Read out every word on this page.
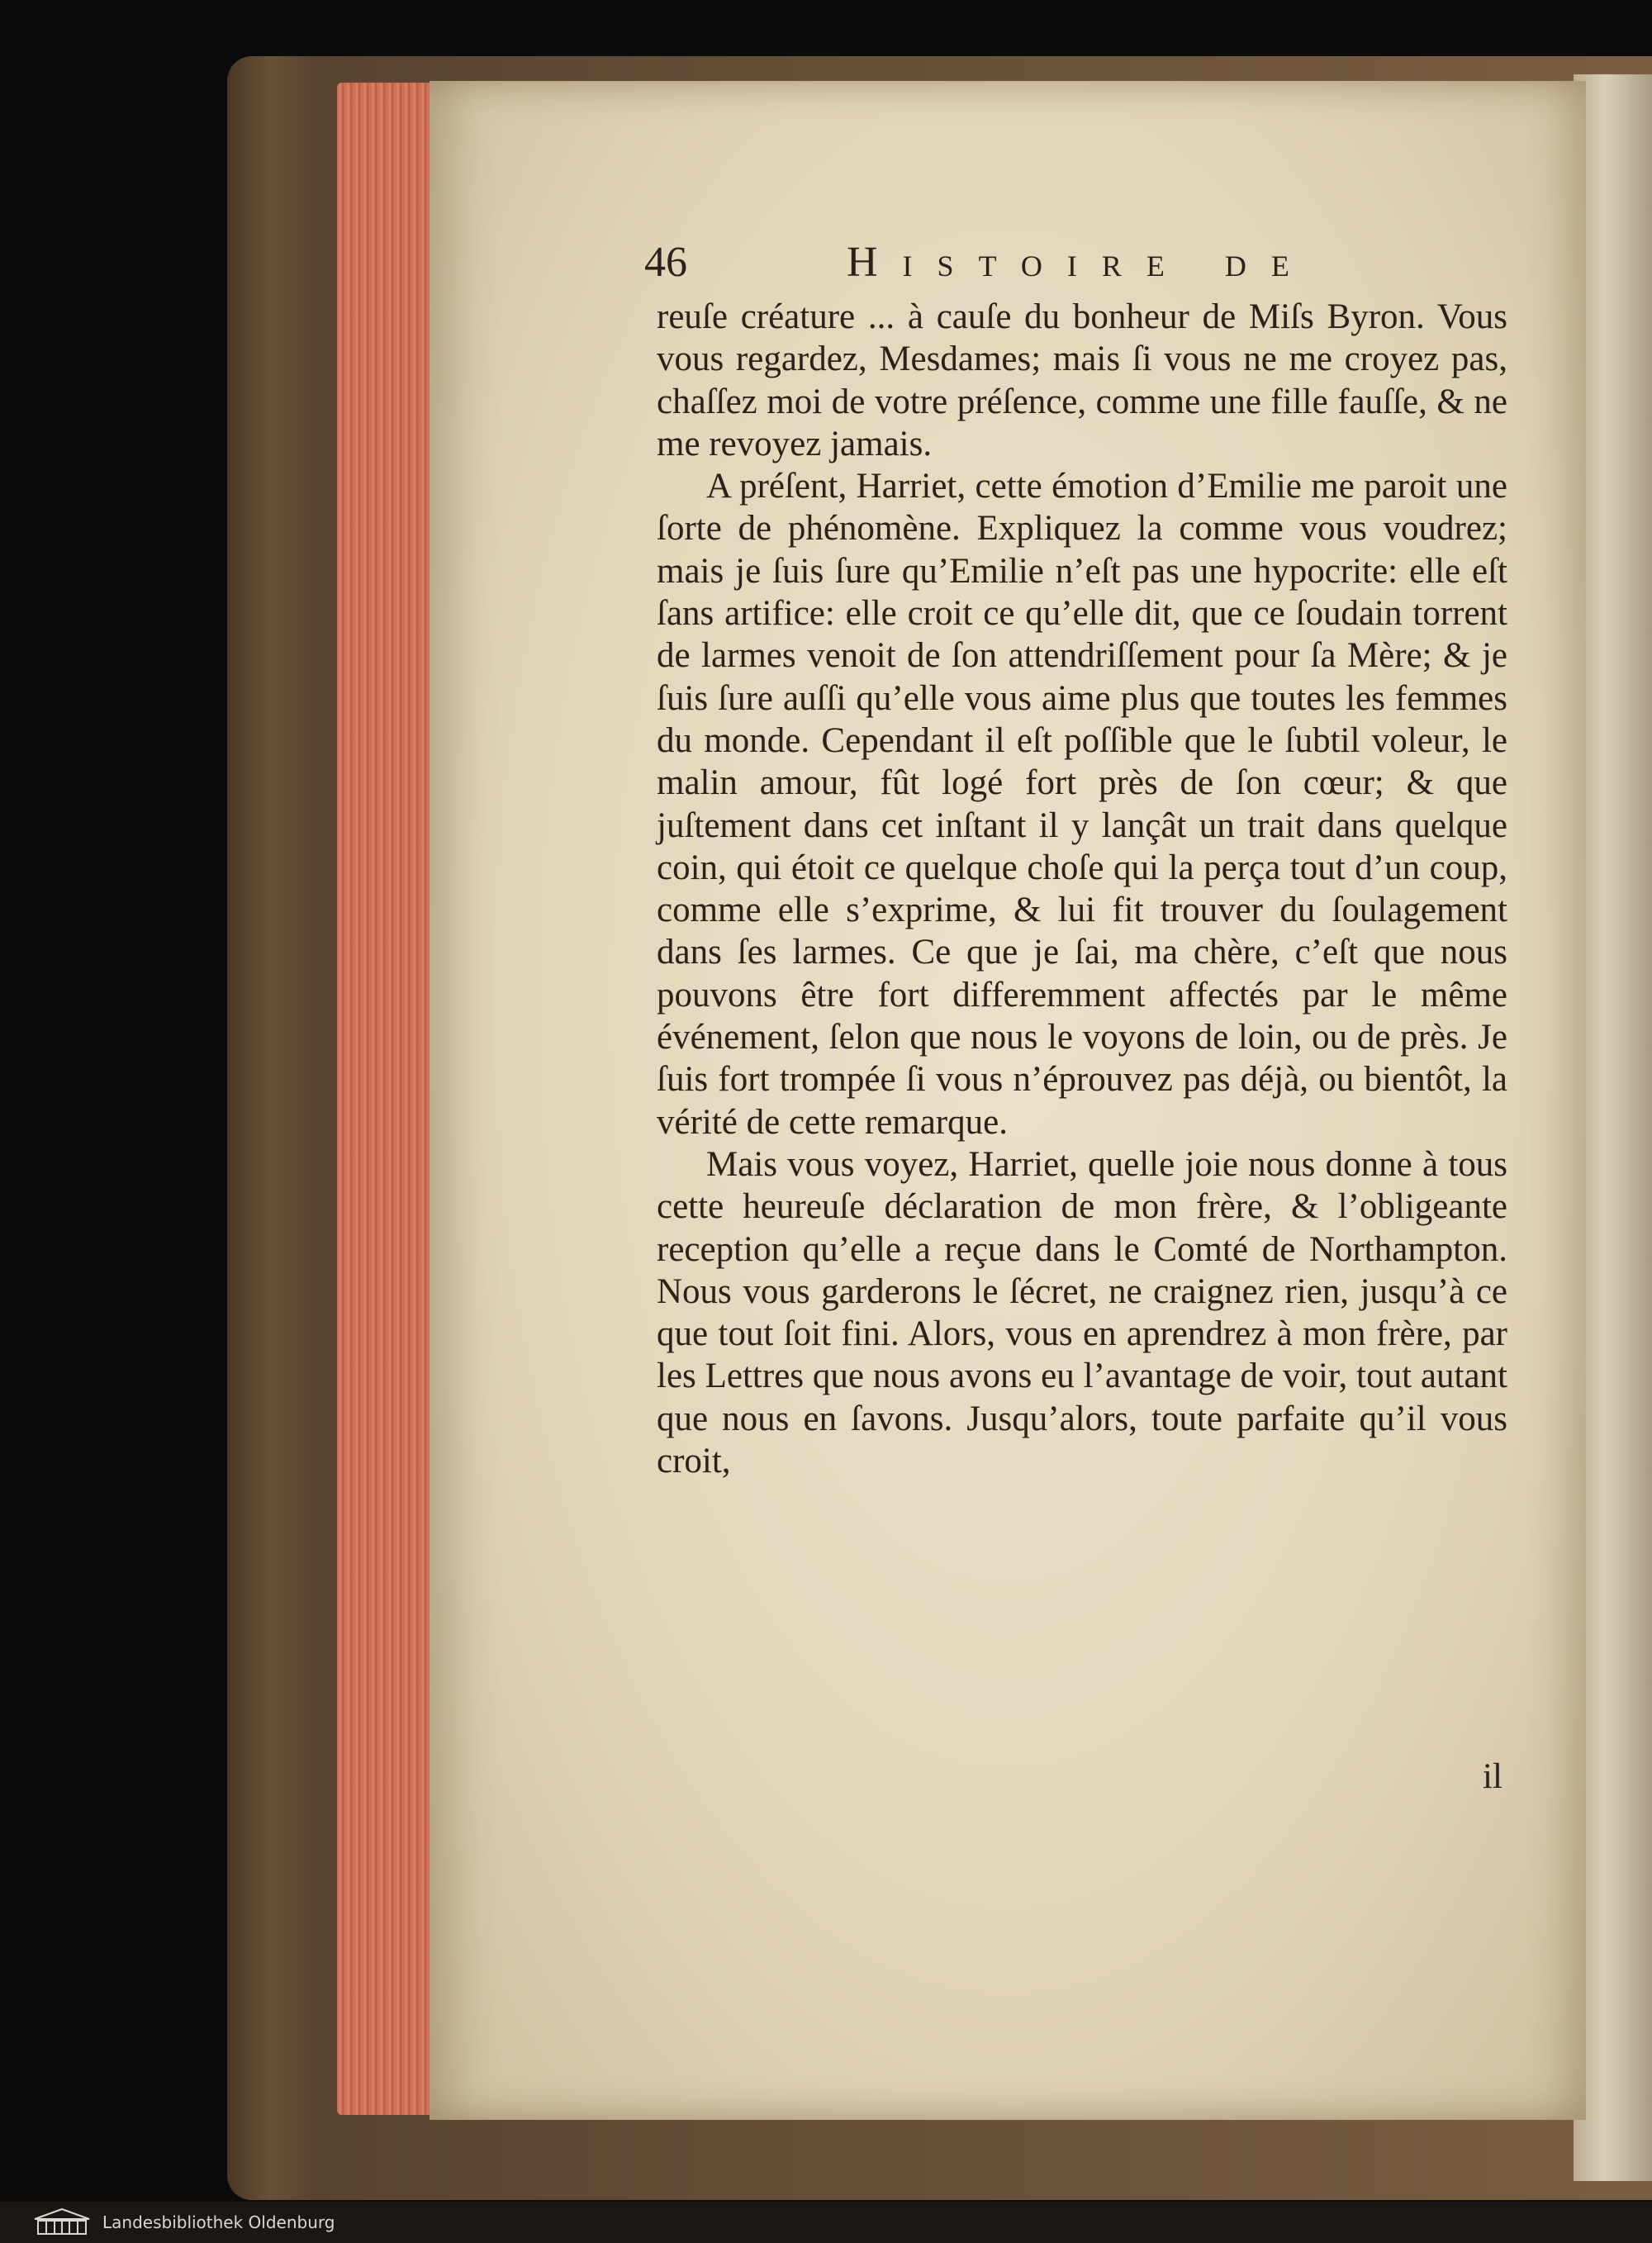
46	Histoire de

reuſe créature ... à cauſe du bonheur de Miſs Byron. Vous vous regardez, Mesdames; mais ſi vous ne me croyez pas, chaſſez moi de votre préſence, comme une fille fauſſe, & ne me revoyez jamais.

A préſent, Harriet, cette émotion d’Emilie me paroit une ſorte de phénomène. Expliquez la comme vous voudrez; mais je ſuis ſure qu’Emilie n’eſt pas une hypocrite: elle eſt ſans artifice: elle croit ce qu’elle dit, que ce ſoudain torrent de larmes venoit de ſon attendriſſement pour ſa Mère; & je ſuis ſure auſſi qu’elle vous aime plus que toutes les femmes du monde. Cependant il eſt poſſible que le ſubtil voleur, le malin amour, fût logé fort près de ſon cœur; & que juſtement dans cet inſtant il y lançât un trait dans quelque coin, qui étoit ce quelque choſe qui la perça tout d’un coup, comme elle s’exprime, & lui fit trouver du ſoulagement dans ſes larmes. Ce que je ſai, ma chère, c’eſt que nous pouvons être fort differemment affectés par le même événement, ſelon que nous le voyons de loin, ou de près. Je ſuis fort trompée ſi vous n’éprouvez pas déjà, ou bientôt, la vérité de cette remarque.

Mais vous voyez, Harriet, quelle joie nous donne à tous cette heureuſe déclaration de mon frère, & l’obligeante reception qu’elle a reçue dans le Comté de Northampton. Nous vous garderons le ſécret, ne craignez rien, jusqu’à ce que tout ſoit fini. Alors, vous en aprendrez à mon frère, par les Lettres que nous avons eu l’avantage de voir, tout autant que nous en ſavons. Jusqu’alors, toute parfaite qu’il vous croit,

il
Landesbibliothek Oldenburg
